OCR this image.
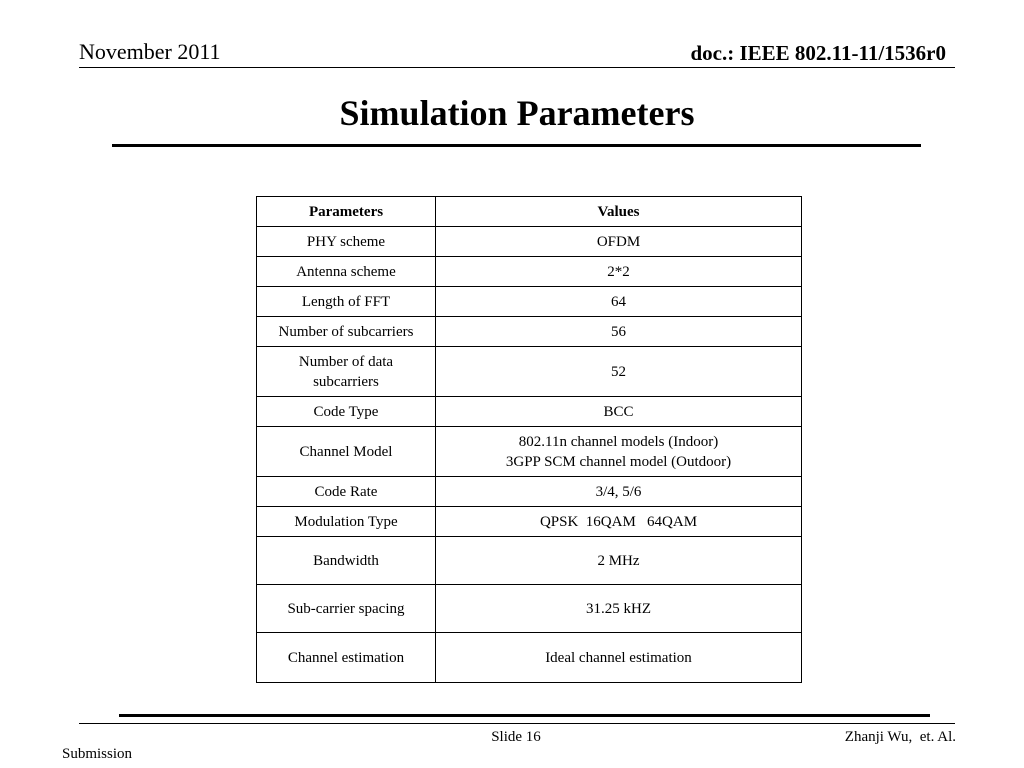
November 2011	doc.: IEEE 802.11-11/1536r0
Simulation Parameters
Parameters	Values
PHY scheme	OFDM
Antenna scheme	2*2
Length of FFT	64
Number of subcarriers	56

Number of data
subcarriers	52
Code Type	BCC
Channel Model	802.11n channel models (Indoor)
3GPP SCM channel model (Outdoor)

Code Rate	3/4, 5/6
Modulation Type	QPSK  16QAM   64QAM
Bandwidth	2 MHz
Sub-carrier spacing	31.25 kHZ
Channel estimation	Ideal channel estimation
Slide 16	Zhanji Wu,  et. Al.
Submission
